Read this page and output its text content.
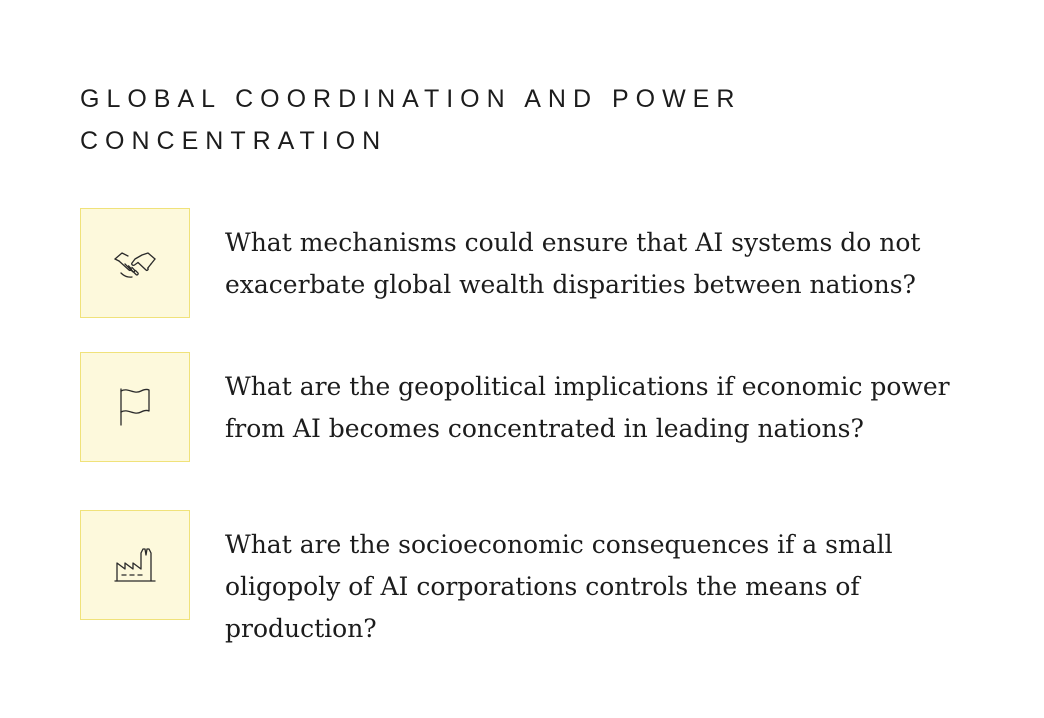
GLOBAL COORDINATION AND POWER CONCENTRATION

What mechanisms could ensure that AI systems do not exacerbate global wealth disparities between nations?

What are the geopolitical implications if economic power from AI becomes concentrated in leading nations?

What are the socioeconomic consequences if a small oligopoly of AI corporations controls the means of production?
